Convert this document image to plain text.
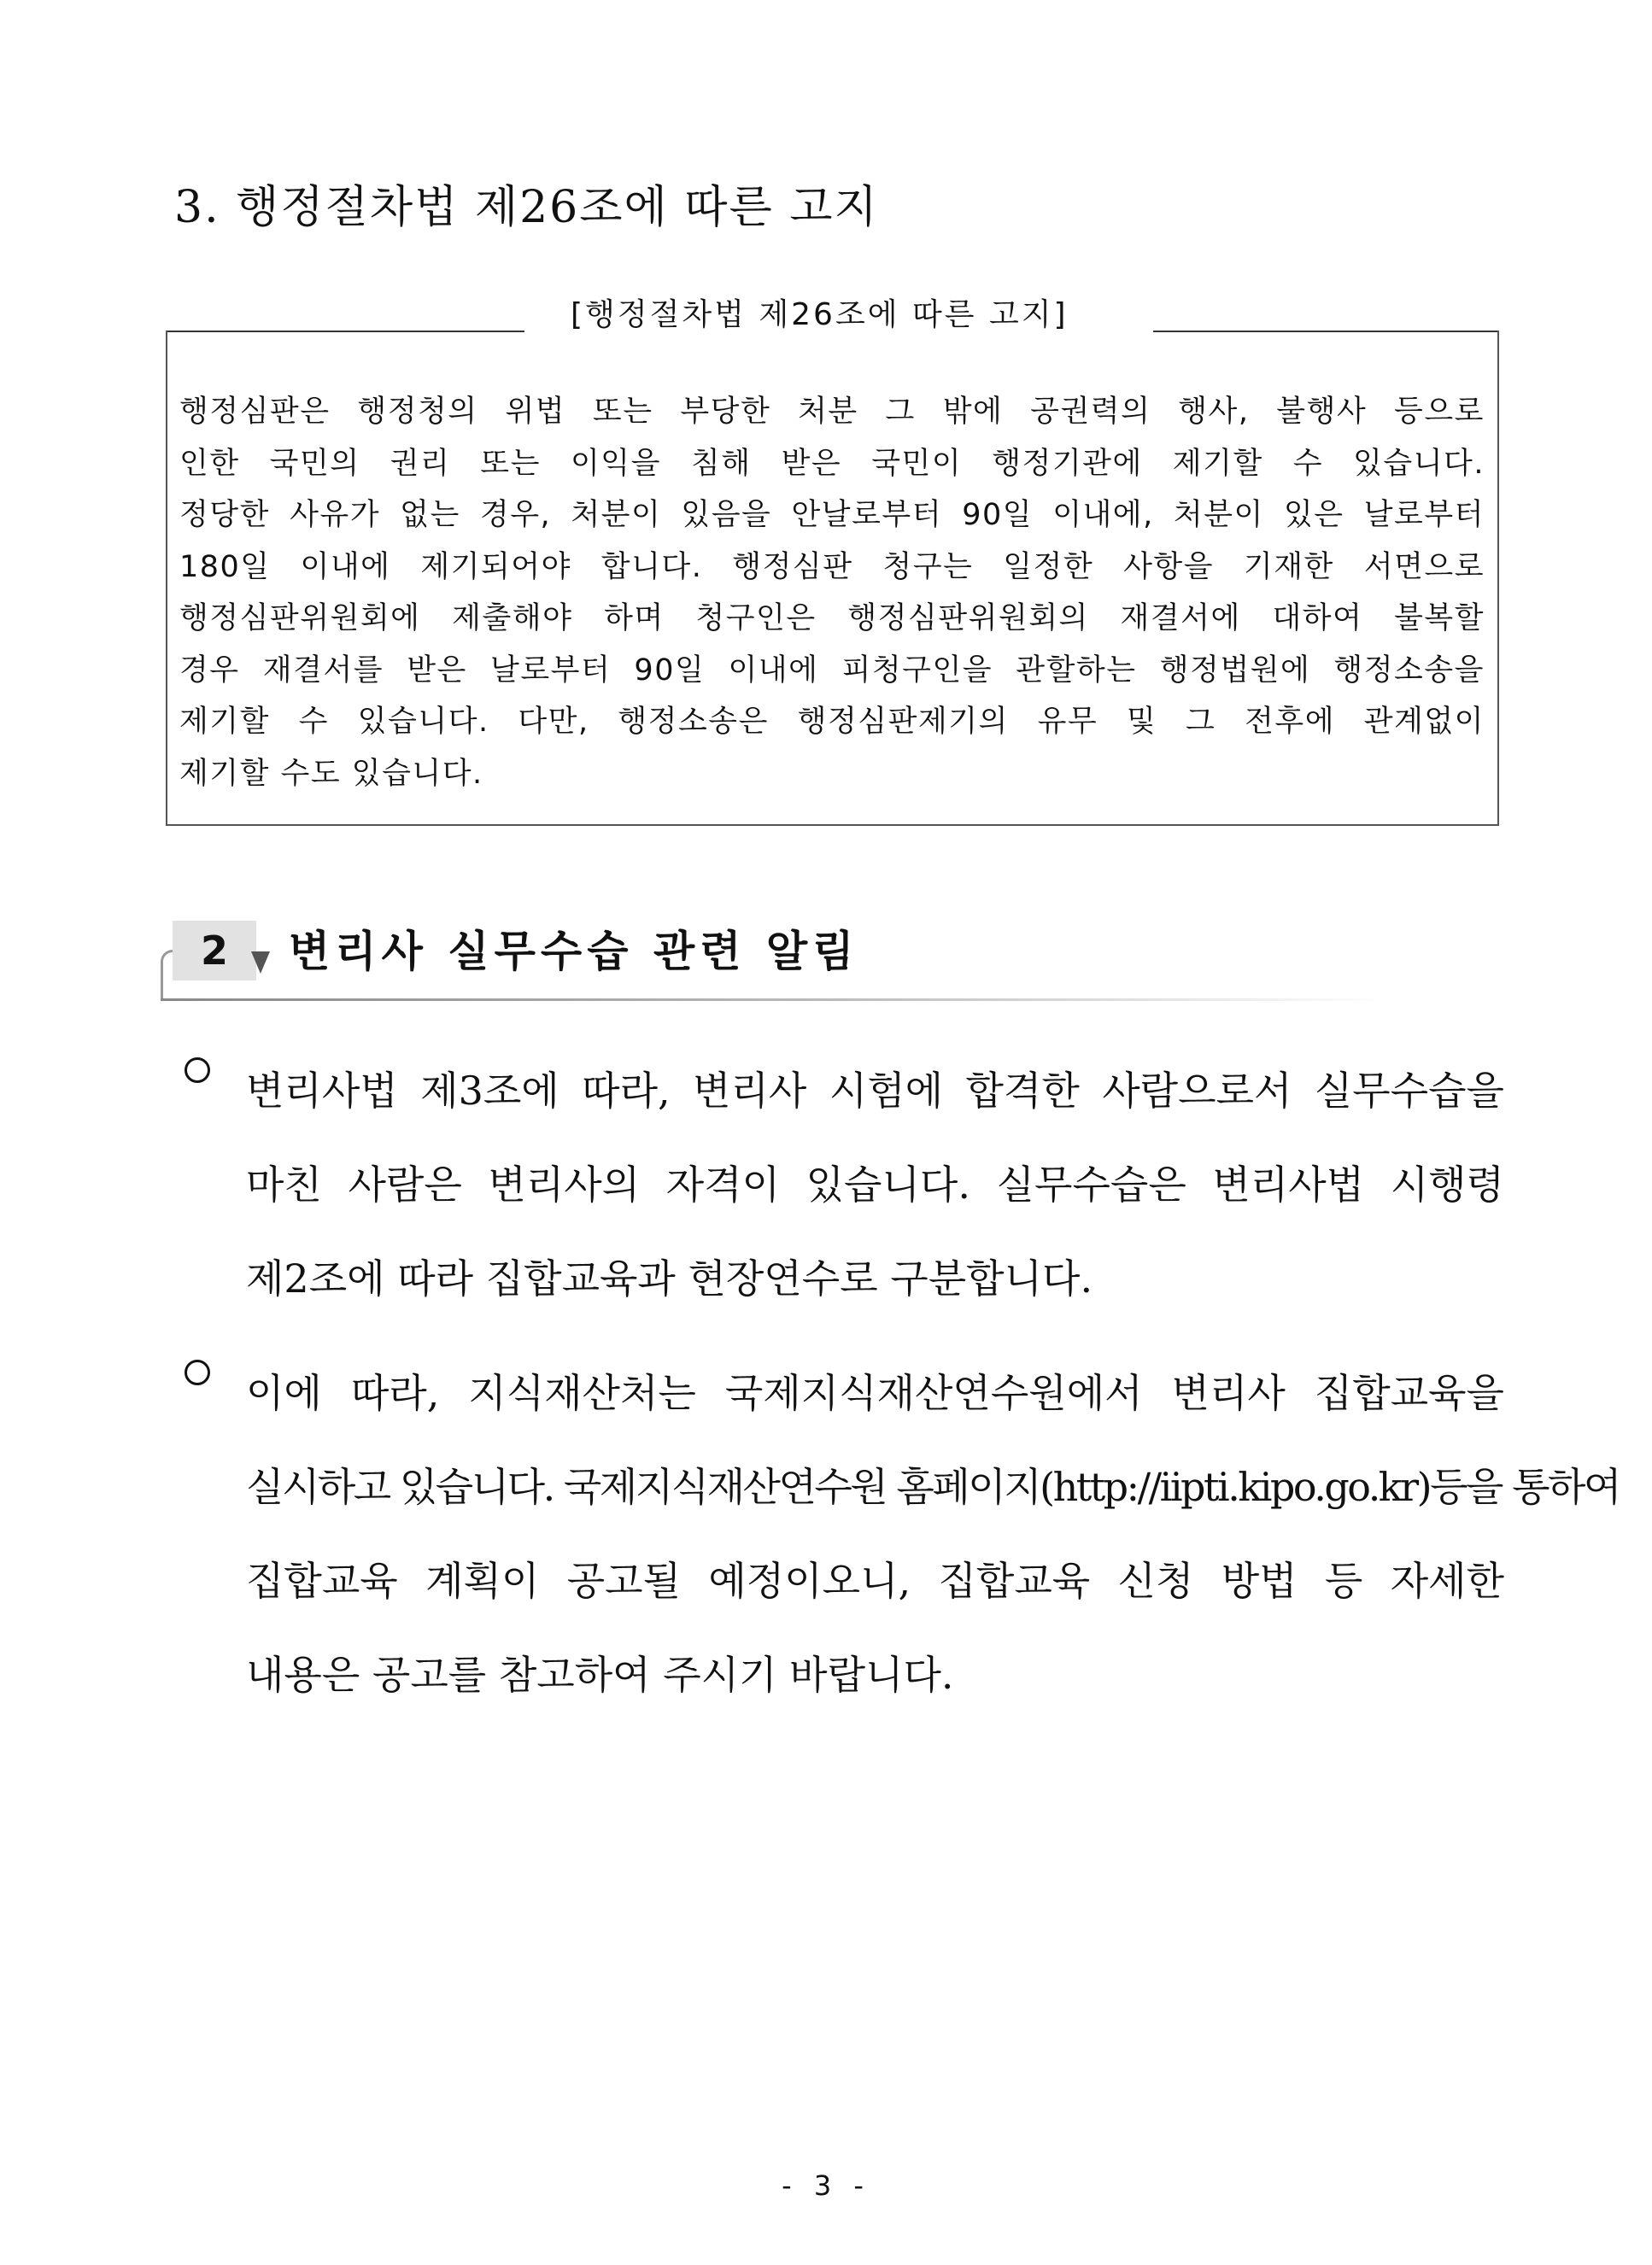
3. 행정절차법 제26조에 따른 고지
[행정절차법 제26조에 따른 고지]
행정심판은 행정청의 위법 또는 부당한 처분 그 밖에 공권력의 행사, 불행사 등으로
인한 국민의 권리 또는 이익을 침해 받은 국민이 행정기관에 제기할 수 있습니다.
정당한 사유가 없는 경우, 처분이 있음을 안날로부터 90일 이내에, 처분이 있은 날로부터
180일 이내에 제기되어야 합니다. 행정심판 청구는 일정한 사항을 기재한 서면으로
행정심판위원회에 제출해야 하며 청구인은 행정심판위원회의 재결서에 대하여 불복할
경우 재결서를 받은 날로부터 90일 이내에 피청구인을 관할하는 행정법원에 행정소송을
제기할 수 있습니다. 다만, 행정소송은 행정심판제기의 유무 및 그 전후에 관계없이
제기할 수도 있습니다.
2	변리사 실무수습 관련 알림
변리사법 제3조에 따라, 변리사 시험에 합격한 사람으로서 실무수습을
마친 사람은 변리사의 자격이 있습니다. 실무수습은 변리사법 시행령
제2조에 따라 집합교육과 현장연수로 구분합니다.
이에 따라, 지식재산처는 국제지식재산연수원에서 변리사 집합교육을
실시하고 있습니다. 국제지식재산연수원 홈페이지(http://iipti.kipo.go.kr)등을 통하여
집합교육 계획이 공고될 예정이오니, 집합교육 신청 방법 등 자세한
내용은 공고를 참고하여 주시기 바랍니다.
- 3 -
